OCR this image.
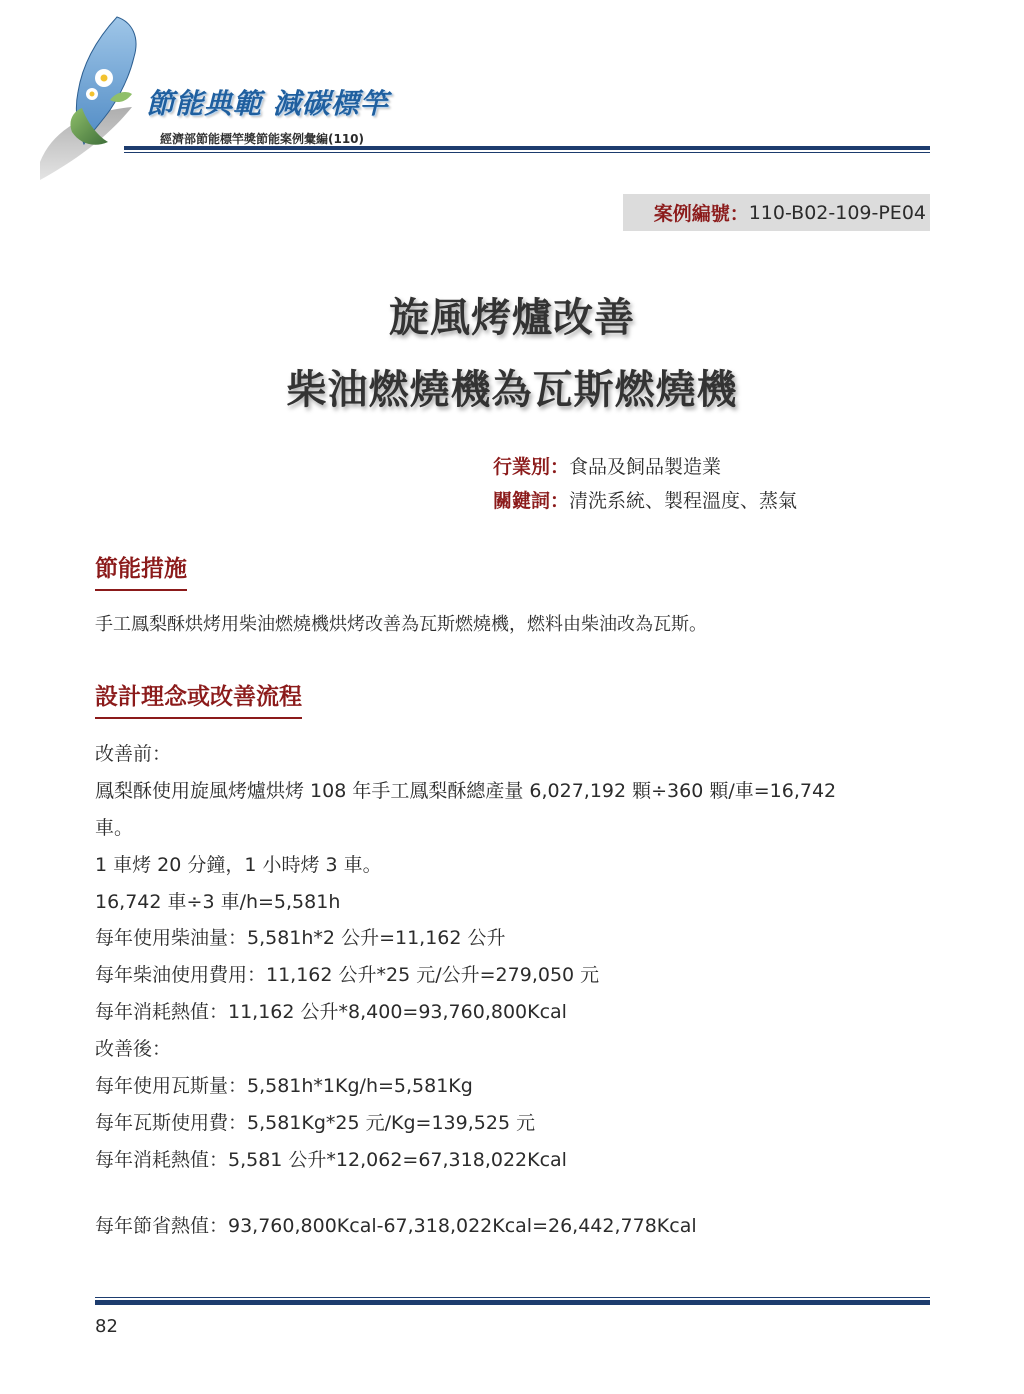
節能典範 減碳標竿
經濟部節能標竿獎節能案例彙編(110)
案例編號： 110-B02-109-PE04
旋風烤爐改善
柴油燃燒機為瓦斯燃燒機
行業別：食品及飼品製造業
關鍵詞：清洗系統、製程溫度、蒸氣
節能措施
手工鳳梨酥烘烤用柴油燃燒機烘烤改善為瓦斯燃燒機，燃料由柴油改為瓦斯。
設計理念或改善流程
改善前：
鳳梨酥使用旋風烤爐烘烤 108 年手工鳳梨酥總產量 6,027,192 顆÷360 顆/車=16,742
車。
1 車烤 20 分鐘，1 小時烤 3 車。
16,742 車÷3 車/h=5,581h
每年使用柴油量：5,581h*2 公升=11,162 公升
每年柴油使用費用：11,162 公升*25 元/公升=279,050 元
每年消耗熱值：11,162 公升*8,400=93,760,800Kcal
改善後：
每年使用瓦斯量：5,581h*1Kg/h=5,581Kg
每年瓦斯使用費：5,581Kg*25 元/Kg=139,525 元
每年消耗熱值：5,581 公升*12,062=67,318,022Kcal
每年節省熱值：93,760,800Kcal-67,318,022Kcal=26,442,778Kcal
82
